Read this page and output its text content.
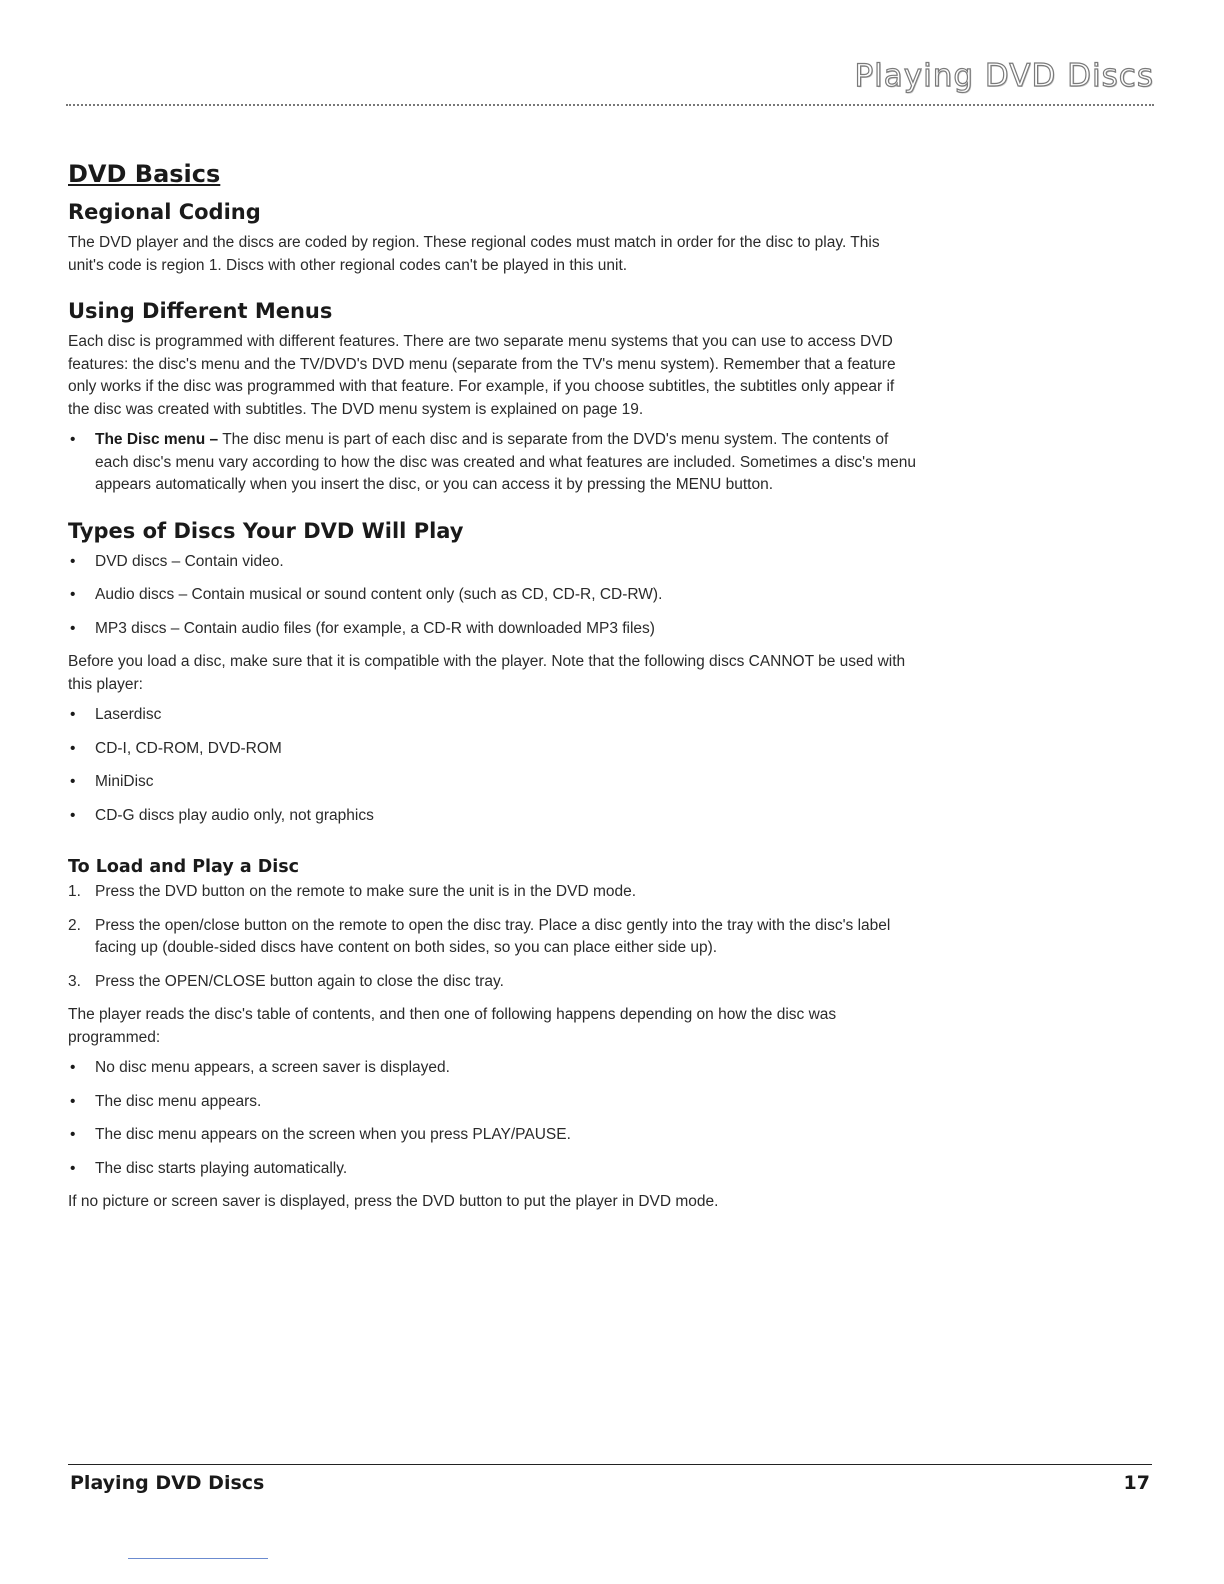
Playing DVD Discs
DVD Basics
Regional Coding

The DVD player and the discs are coded by region. These regional codes must match in order for the disc to play. This unit's code is region 1. Discs with other regional codes can't be played in this unit.

Using Different Menus

Each disc is programmed with different features. There are two separate menu systems that you can use to access DVD features: the disc's menu and the TV/DVD's DVD menu (separate from the TV's menu system). Remember that a feature only works if the disc was programmed with that feature. For example, if you choose subtitles, the subtitles only appear if the disc was created with subtitles. The DVD menu system is explained on page 19.

• The Disc menu – The disc menu is part of each disc and is separate from the DVD's menu system. The contents of each disc's menu vary according to how the disc was created and what features are included. Sometimes a disc's menu appears automatically when you insert the disc, or you can access it by pressing the MENU button.
Types of Discs Your DVD Will Play
• DVD discs – Contain video.
• Audio discs – Contain musical or sound content only (such as CD, CD-R, CD-RW).
• MP3 discs – Contain audio files (for example, a CD-R with downloaded MP3 files)

Before you load a disc, make sure that it is compatible with the player. Note that the following discs CANNOT be used with this player:

• Laserdisc
• CD-I, CD-ROM, DVD-ROM
• MiniDisc
• CD-G discs play audio only, not graphics
To Load and Play a Disc
1. Press the DVD button on the remote to make sure the unit is in the DVD mode.
2. Press the open/close button on the remote to open the disc tray. Place a disc gently into the tray with the disc's label facing up (double-sided discs have content on both sides, so you can place either side up).
3. Press the OPEN/CLOSE button again to close the disc tray.

The player reads the disc's table of contents, and then one of following happens depending on how the disc was programmed:

• No disc menu appears, a screen saver is displayed.
• The disc menu appears.
• The disc menu appears on the screen when you press PLAY/PAUSE.
• The disc starts playing automatically.

If no picture or screen saver is displayed, press the DVD button to put the player in DVD mode.

Playing DVD Discs	17
